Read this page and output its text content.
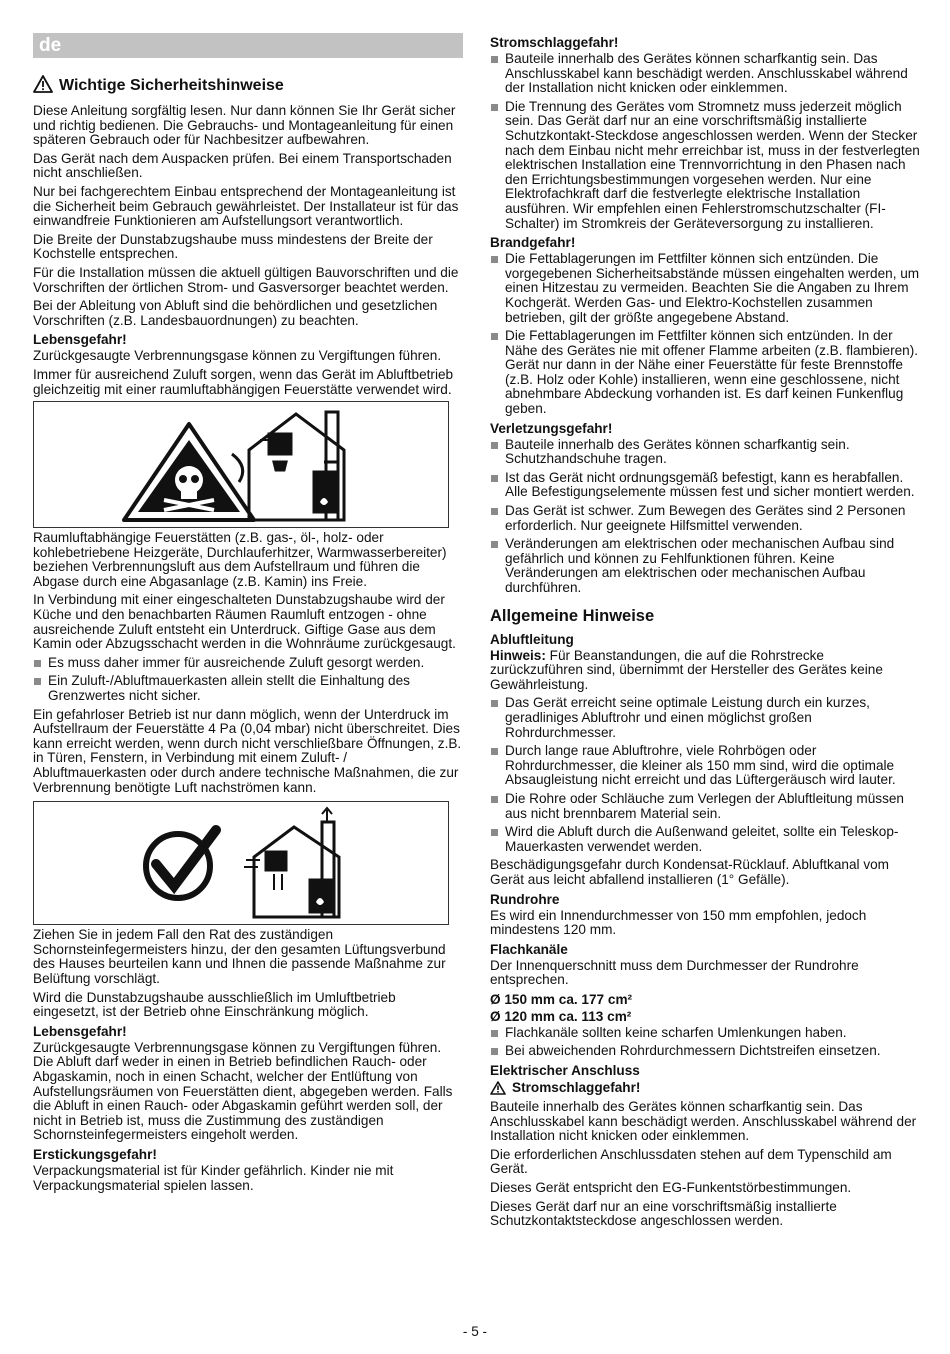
de
Wichtige Sicherheitshinweise

Diese Anleitung sorgfältig lesen. Nur dann können Sie Ihr Gerät sicher und richtig bedienen. Die Gebrauchs- und Montageanleitung für einen späteren Gebrauch oder für Nachbesitzer aufbewahren.

Das Gerät nach dem Auspacken prüfen. Bei einem Transportschaden nicht anschließen.

Nur bei fachgerechtem Einbau entsprechend der Montageanleitung ist die Sicherheit beim Gebrauch gewährleistet. Der Installateur ist für das einwandfreie Funktionieren am Aufstellungsort verantwortlich.

Die Breite der Dunstabzugshaube muss mindestens der Breite der Kochstelle entsprechen.

Für die Installation müssen die aktuell gültigen Bauvorschriften und die Vorschriften der örtlichen Strom- und Gasversorger beachtet werden.

Bei der Ableitung von Abluft sind die behördlichen und gesetzlichen Vorschriften (z.B. Landesbauordnungen) zu beachten.

Lebensgefahr!

Zurückgesaugte Verbrennungsgase können zu Vergiftungen führen.

Immer für ausreichend Zuluft sorgen, wenn das Gerät im Abluftbetrieb gleichzeitig mit einer raumluftabhängigen Feuerstätte verwendet wird.

Raumluftabhängige Feuerstätten (z.B. gas-, öl-, holz- oder kohlebetriebene Heizgeräte, Durchlauferhitzer, Warmwasserbereiter) beziehen Verbrennungsluft aus dem Aufstellraum und führen die Abgase durch eine Abgasanlage (z.B. Kamin) ins Freie.

In Verbindung mit einer eingeschalteten Dunstabzugshaube wird der Küche und den benachbarten Räumen Raumluft entzogen - ohne ausreichende Zuluft entsteht ein Unterdruck. Giftige Gase aus dem Kamin oder Abzugsschacht werden in die Wohnräume zurückgesaugt.

Es muss daher immer für ausreichende Zuluft gesorgt werden.
Ein Zuluft-/Abluftmauerkasten allein stellt die Einhaltung des Grenzwertes nicht sicher.

Ein gefahrloser Betrieb ist nur dann möglich, wenn der Unterdruck im Aufstellraum der Feuerstätte 4 Pa (0,04 mbar) nicht überschreitet. Dies kann erreicht werden, wenn durch nicht verschließbare Öffnungen, z.B. in Türen, Fenstern, in Verbindung mit einem Zuluft- / Abluftmauerkasten oder durch andere technische Maßnahmen, die zur Verbrennung benötigte Luft nachströmen kann.

Ziehen Sie in jedem Fall den Rat des zuständigen Schornsteinfegermeisters hinzu, der den gesamten Lüftungsverbund des Hauses beurteilen kann und Ihnen die passende Maßnahme zur Belüftung vorschlägt.

Wird die Dunstabzugshaube ausschließlich im Umluftbetrieb eingesetzt, ist der Betrieb ohne Einschränkung möglich.

Lebensgefahr!

Zurückgesaugte Verbrennungsgase können zu Vergiftungen führen. Die Abluft darf weder in einen in Betrieb befindlichen Rauch- oder Abgaskamin, noch in einen Schacht, welcher der Entlüftung von Aufstellungsräumen von Feuerstätten dient, abgegeben werden. Falls die Abluft in einen Rauch- oder Abgaskamin geführt werden soll, der nicht in Betrieb ist, muss die Zustimmung des zuständigen Schornsteinfegermeisters eingeholt werden.

Erstickungsgefahr!

Verpackungsmaterial ist für Kinder gefährlich. Kinder nie mit Verpackungsmaterial spielen lassen.

Stromschlaggefahr!
Bauteile innerhalb des Gerätes können scharfkantig sein. Das Anschlusskabel kann beschädigt werden. Anschlusskabel während der Installation nicht knicken oder einklemmen.
Die Trennung des Gerätes vom Stromnetz muss jederzeit möglich sein. Das Gerät darf nur an eine vorschriftsmäßig installierte Schutzkontakt-Steckdose angeschlossen werden. Wenn der Stecker nach dem Einbau nicht mehr erreichbar ist, muss in der festverlegten elektrischen Installation eine Trennvorrichtung in den Phasen nach den Errichtungsbestimmungen vorgesehen werden. Nur eine Elektrofachkraft darf die festverlegte elektrische Installation ausführen. Wir empfehlen einen Fehlerstromschutzschalter (FI-Schalter) im Stromkreis der Geräteversorgung zu installieren.
Brandgefahr!
Die Fettablagerungen im Fettfilter können sich entzünden. Die vorgegebenen Sicherheitsabstände müssen eingehalten werden, um einen Hitzestau zu vermeiden. Beachten Sie die Angaben zu Ihrem Kochgerät. Werden Gas- und Elektro-Kochstellen zusammen betrieben, gilt der größte angegebene Abstand.
Die Fettablagerungen im Fettfilter können sich entzünden. In der Nähe des Gerätes nie mit offener Flamme arbeiten (z.B. flambieren). Gerät nur dann in der Nähe einer Feuerstätte für feste Brennstoffe (z.B. Holz oder Kohle) installieren, wenn eine geschlossene, nicht abnehmbare Abdeckung vorhanden ist. Es darf keinen Funkenflug geben.
Verletzungsgefahr!
Bauteile innerhalb des Gerätes können scharfkantig sein. Schutzhandschuhe tragen.
Ist das Gerät nicht ordnungsgemäß befestigt, kann es herabfallen. Alle Befestigungselemente müssen fest und sicher montiert werden.
Das Gerät ist schwer. Zum Bewegen des Gerätes sind 2 Personen erforderlich. Nur geeignete Hilfsmittel verwenden.
Veränderungen am elektrischen oder mechanischen Aufbau sind gefährlich und können zu Fehlfunktionen führen. Keine Veränderungen am elektrischen oder mechanischen Aufbau durchführen.
Allgemeine Hinweise
Abluftleitung

Hinweis: Für Beanstandungen, die auf die Rohrstrecke zurückzuführen sind, übernimmt der Hersteller des Gerätes keine Gewährleistung.

Das Gerät erreicht seine optimale Leistung durch ein kurzes, geradliniges Abluftrohr und einen möglichst großen Rohrdurchmesser.
Durch lange raue Abluftrohre, viele Rohrbögen oder Rohrdurchmesser, die kleiner als 150 mm sind, wird die optimale Absaugleistung nicht erreicht und das Lüftergeräusch wird lauter.
Die Rohre oder Schläuche zum Verlegen der Abluftleitung müssen aus nicht brennbarem Material sein.
Wird die Abluft durch die Außenwand geleitet, sollte ein Teleskop-Mauerkasten verwendet werden.

Beschädigungsgefahr durch Kondensat-Rücklauf. Abluftkanal vom Gerät aus leicht abfallend installieren (1° Gefälle).

Rundrohre

Es wird ein Innendurchmesser von 150 mm empfohlen, jedoch mindestens 120 mm.

Flachkanäle

Der Innenquerschnitt muss dem Durchmesser der Rundrohre entsprechen.

Ø 150 mm ca. 177 cm²
Ø 120 mm ca. 113 cm²
Flachkanäle sollten keine scharfen Umlenkungen haben.
Bei abweichenden Rohrdurchmessern Dichtstreifen einsetzen.
Elektrischer Anschluss
Stromschlaggefahr!

Bauteile innerhalb des Gerätes können scharfkantig sein. Das Anschlusskabel kann beschädigt werden. Anschlusskabel während der Installation nicht knicken oder einklemmen.

Die erforderlichen Anschlussdaten stehen auf dem Typenschild am Gerät.

Dieses Gerät entspricht den EG-Funkentstörbestimmungen.

Dieses Gerät darf nur an eine vorschriftsmäßig installierte Schutzkontaktsteckdose angeschlossen werden.

- 5 -
